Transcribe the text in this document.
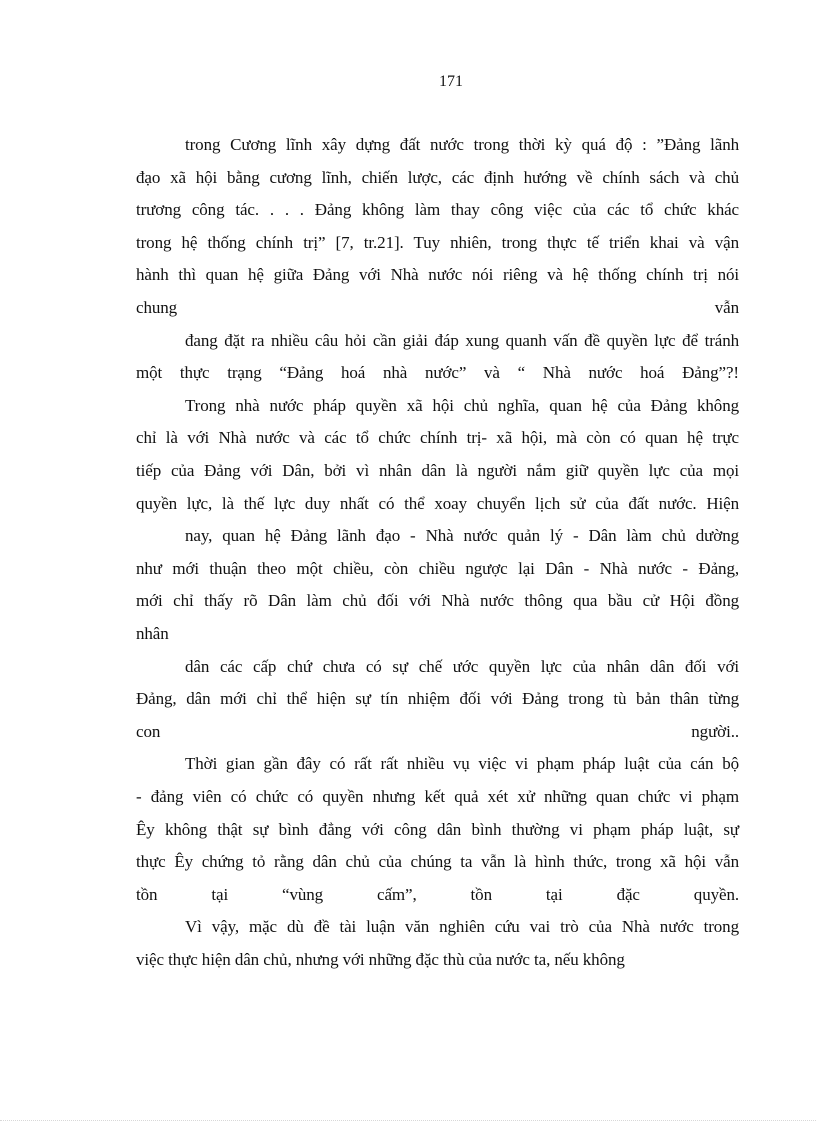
171
trong Cương lĩnh xây dựng đất nước trong thời kỳ quá độ : ”Đảng lãnh
đạo xã hội bằng cương lĩnh, chiến lược, các định hướng về chính sách và chủ
trương công tác. . . . Đảng không làm thay công việc của các tổ chức khác
trong hệ thống chính trị” [7, tr.21]. Tuy nhiên, trong thực tế triển khai và vận
hành thì quan hệ giữa Đảng với Nhà nước nói riêng và hệ thống chính trị nói
chung vẫn
đang đặt ra nhiều câu hỏi cần giải đáp xung quanh vấn đề quyền lực để tránh
một thực trạng “Đảng hoá nhà nước” và “ Nhà nước hoá Đảng”?!
Trong nhà nước pháp quyền xã hội chủ nghĩa, quan hệ của Đảng không
chỉ là với Nhà nước và các tổ chức chính trị- xã hội, mà còn có quan hệ trực
tiếp của Đảng với Dân, bởi vì nhân dân là người nắm giữ quyền lực của mọi
quyền lực, là thế lực duy nhất có thể xoay chuyển lịch sử của đất nước. Hiện
nay, quan hệ Đảng lãnh đạo - Nhà nước quản lý - Dân làm chủ dường
như mới thuận theo một chiều, còn chiều ngược lại Dân - Nhà nước - Đảng,
mới chỉ thấy rõ Dân làm chủ đối với Nhà nước thông qua bầu cử Hội đồng
nhân
dân các cấp chứ chưa có sự chế ước quyền lực của nhân dân đối với
Đảng, dân mới chỉ thể hiện sự tín nhiệm đối với Đảng trong tù bản thân từng
con người..
Thời gian gần đây có rất rất nhiều vụ việc vi phạm pháp luật của cán bộ
- đảng viên có chức có quyền nhưng kết quả xét xử những quan chức vi phạm
Êy không thật sự bình đẳng với công dân bình thường vi phạm pháp luật, sự
thực Êy chứng tỏ rằng dân chủ của chúng ta vẫn là hình thức, trong xã hội vẫn
tồn tại “vùng cấm”, tồn tại đặc quyền.
Vì vậy, mặc dù đề tài luận văn nghiên cứu vai trò của Nhà nước trong
việc thực hiện dân chủ, nhưng với những đặc thù của nước ta, nếu không
